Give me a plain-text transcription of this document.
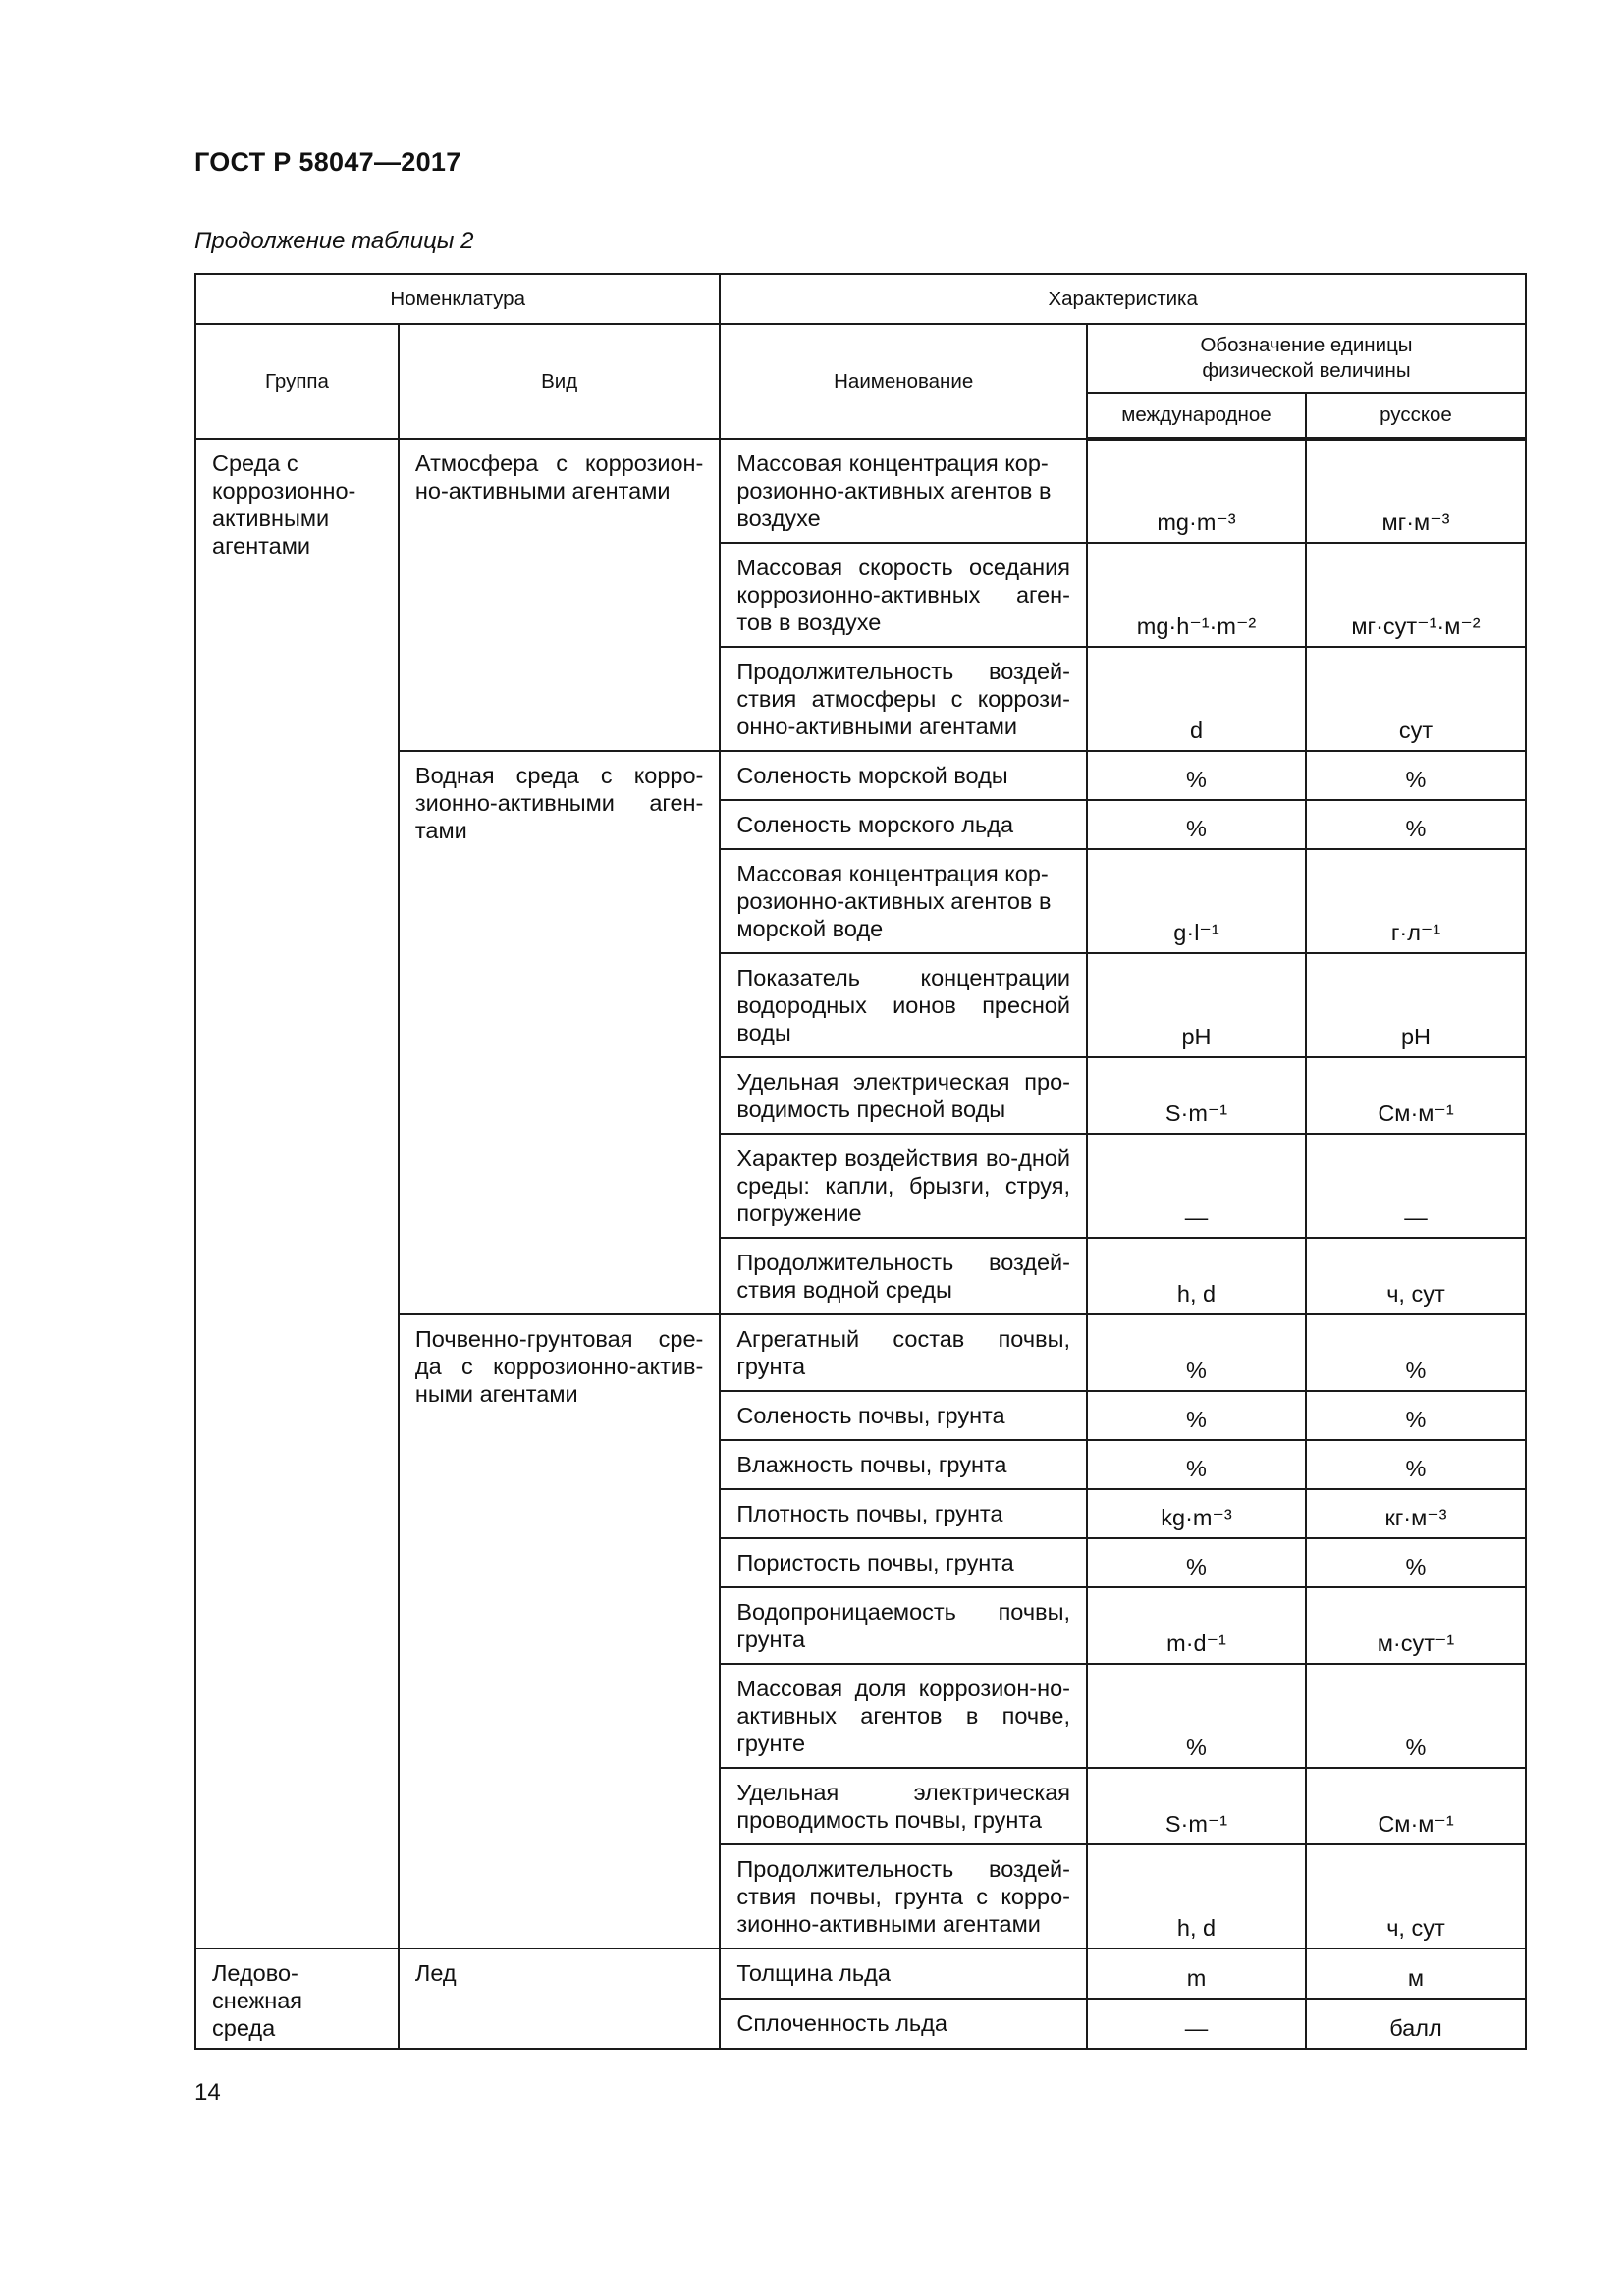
ГОСТ Р 58047—2017
Продолжение таблицы 2
Номенклатура		Характеристика		
Группа	Вид	Наименование	Обозначение единицы физической величины	
			международное	русское
Среда с коррозионно-активными агентами	Атмосфера с коррозион-но-активными агентами	Массовая концентрация кор-розионно-активных агентов в воздухе	mg·m⁻³	мг·м⁻³
		Массовая скорость оседания коррозионно-активных аген-тов в воздухе	mg·h⁻¹·m⁻²	мг·сут⁻¹·м⁻²
		Продолжительность воздей-ствия атмосферы с коррози-онно-активными агентами	d	сут
	Водная среда с корро-зионно-активными аген-тами	Соленость морской воды	%	%
		Соленость морского льда	%	%
		Массовая концентрация кор-розионно-активных агентов в морской воде	g·l⁻¹	г·л⁻¹
		Показатель концентрации водородных ионов пресной воды	pH	pH
		Удельная электрическая про-водимость пресной воды	S·m⁻¹	См·м⁻¹
		Характер воздействия во-дной среды: капли, брызги, струя, погружение	—	—
		Продолжительность воздей-ствия водной среды	h, d	ч, сут
	Почвенно-грунтовая сре-да с коррозионно-актив-ными агентами	Агрегатный состав почвы, грунта	%	%
		Соленость почвы, грунта	%	%
		Влажность почвы, грунта	%	%
		Плотность почвы, грунта	kg·m⁻³	кг·м⁻³
		Пористость почвы, грунта	%	%
		Водопроницаемость почвы, грунта	m·d⁻¹	м·сут⁻¹
		Массовая доля коррозион-но-активных агентов в почве, грунте	%	%
		Удельная электрическая проводимость почвы, грунта	S·m⁻¹	См·м⁻¹
		Продолжительность воздей-ствия почвы, грунта с корро-зионно-активными агентами	h, d	ч, сут
Ледово-снежная среда	Лед	Толщина льда	m	м
		Сплоченность льда	—	балл
14
